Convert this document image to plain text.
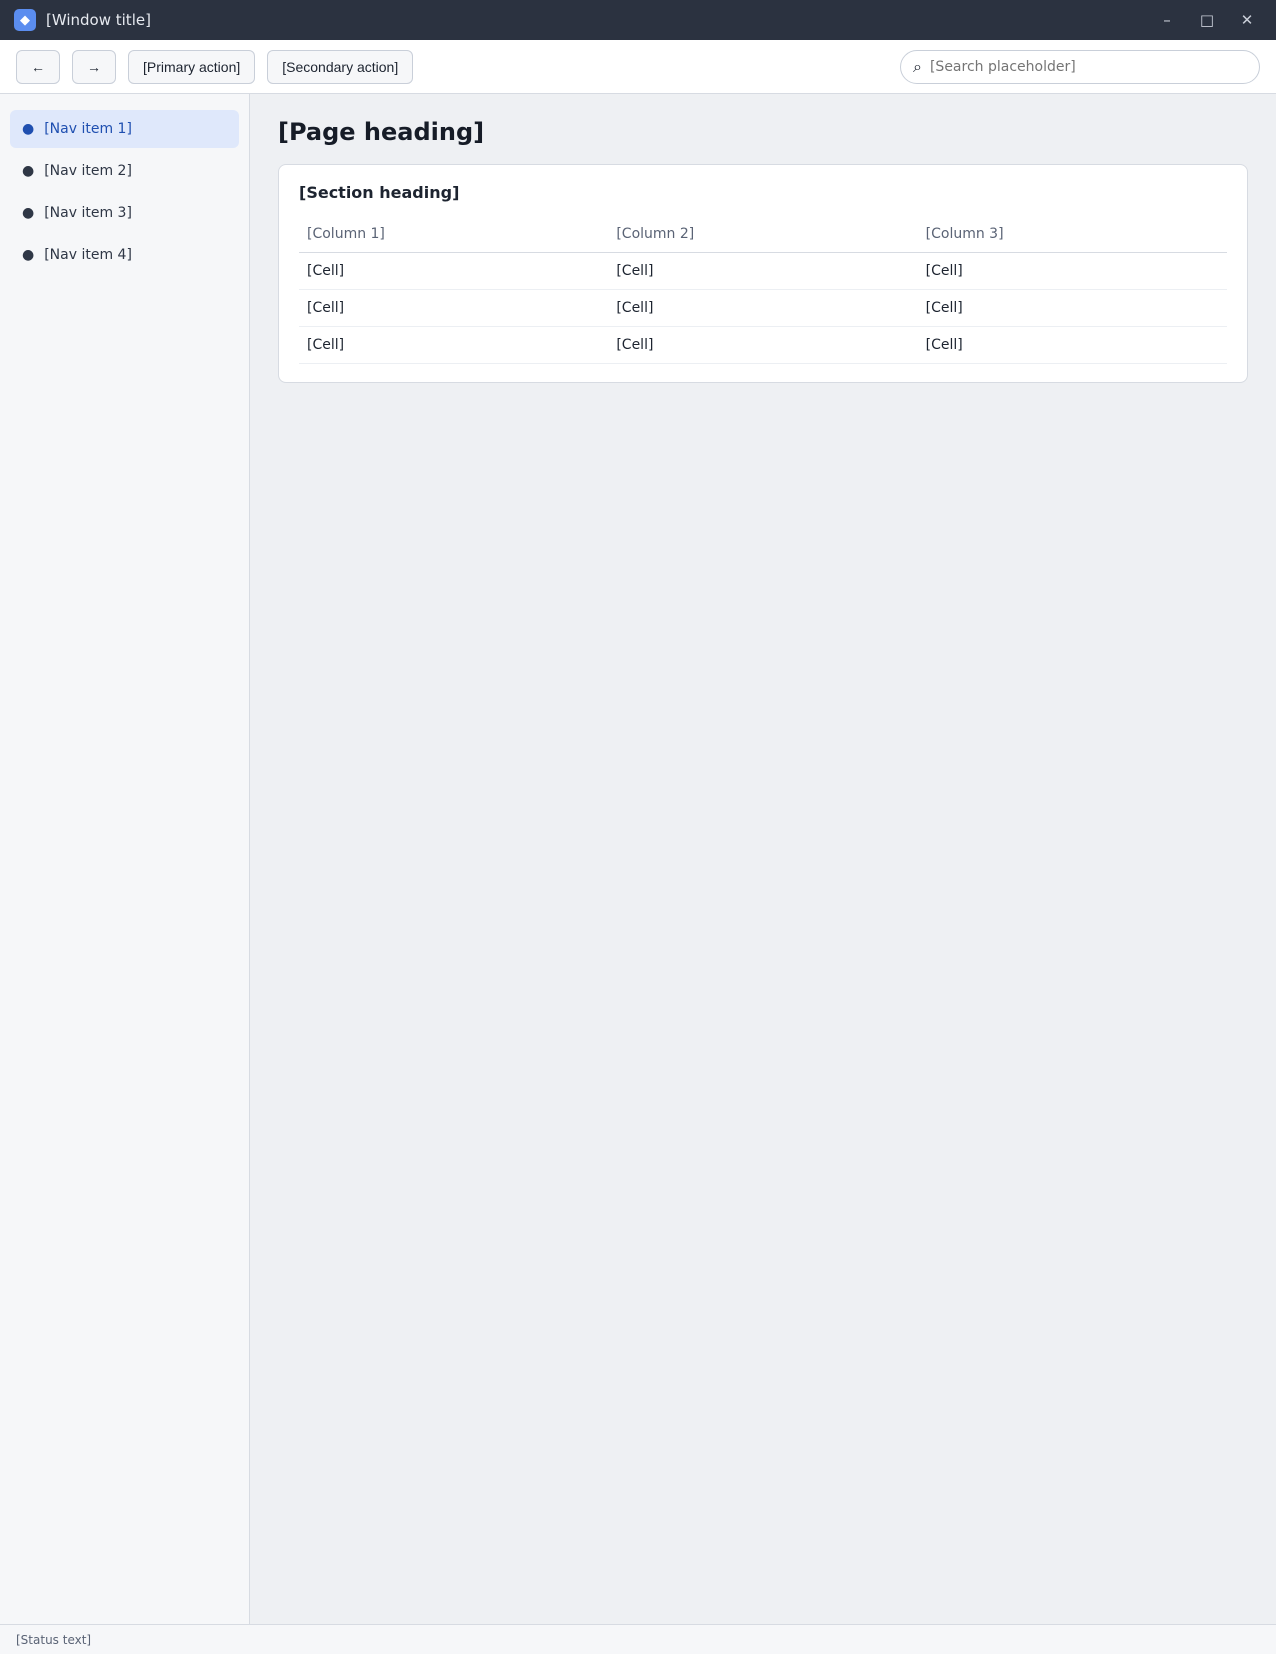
◆	[Window title]	–	□	✕
←	→	[Primary action]	[Secondary action]	⌕
[Search placeholder]
● [Nav item 1]
● [Nav item 2]
● [Nav item 3]
● [Nav item 4]
[Page heading]
[Section heading]
[Column 1]	[Column 2]	[Column 3]
[Cell]	[Cell]	[Cell]
[Cell]	[Cell]	[Cell]
[Cell]	[Cell]	[Cell]
[Status text]
